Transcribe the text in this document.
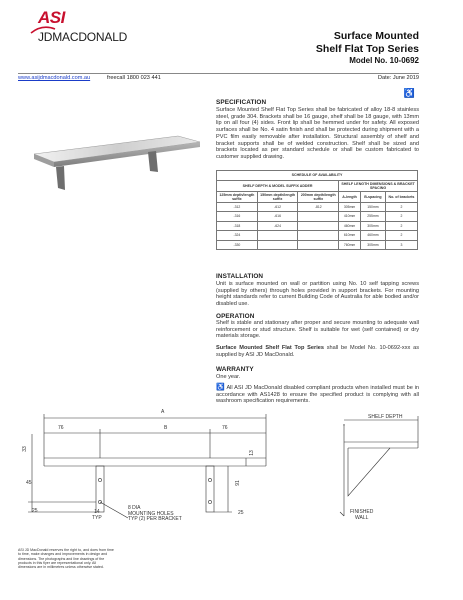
ASI
JDMACDONALD	Surface Mounted
Shelf Flat Top Series
Model No. 10-0692
www.asijdmacdonald.com.au	freecall 1800 023 441	Date: June 2019
♿
SPECIFICATION
Surface Mounted Shelf Flat Top Series shall be fabricated of alloy 18-8 stainless steel, grade 304. Brackets shall be 16 gauge, shelf shall be 18 gauge, with 13mm lip on all four (4) sides. Front lip shall be hemmed under for safety. All exposed surfaces shall be No. 4 satin finish and shall be protected during shipment with a PVC film easily removable after installation. Structural assembly of shelf and bracket supports shall be of welded construction. Shelf shall be sized and brackets located as per standard schedule or shall be custom fabricated to customer supplied drawing.
SCHEDULE OF AVAILABILITY					
SHELF DEPTH & MODEL SUFFIX ADDER			SHELF LENGTH DIMENSIONS & BRACKET SPACING		
125mm depth/length suffix	150mm depth/length suffix	200mm depth/length suffix	A-length	B-spacing	No. of brackets
-312	-612	-812	305mm	150mm	2
-316	-616		410mm	255mm	2
-318	-624		460mm	305mm	2
-324			610mm	460mm	2
-330			760mm	305mm	3
INSTALLATION
Unit is surface mounted on wall or partition using No. 10 self tapping screws (supplied by others) through holes provided in support brackets. For mounting height standards refer to current Building Code of Australia for able bodied and/or disabled use.
OPERATION
Shelf is stable and stationary after proper and secure mounting to adequate wall reinforcement or stud structure. Shelf is suitable for wet (self contained) or dry materials storage.
Surface Mounted Shelf Flat Top Series shall be Model No. 10-0692-xxx as supplied by ASI JD MacDonald.
WARRANTY
One year.
♿ All ASI JD MacDonald disabled compliant products when installed must be in accordance with AS1428 to ensure the specified product is complying with all washroom specification requirements.
A
76	B	76
33
13
45	91
25	14
TYP
8 DIA
MOUNTING HOLES
TYP (2) PER BRACKET
25
SHELF DEPTH
FINISHED
WALL
ASI JD MacDonald reserves the right to, and does from time to time, make changes and improvements in design and dimensions. The photographs and line drawings of the products in this flyer are representational only. All dimensions are in millimetres unless otherwise stated.
